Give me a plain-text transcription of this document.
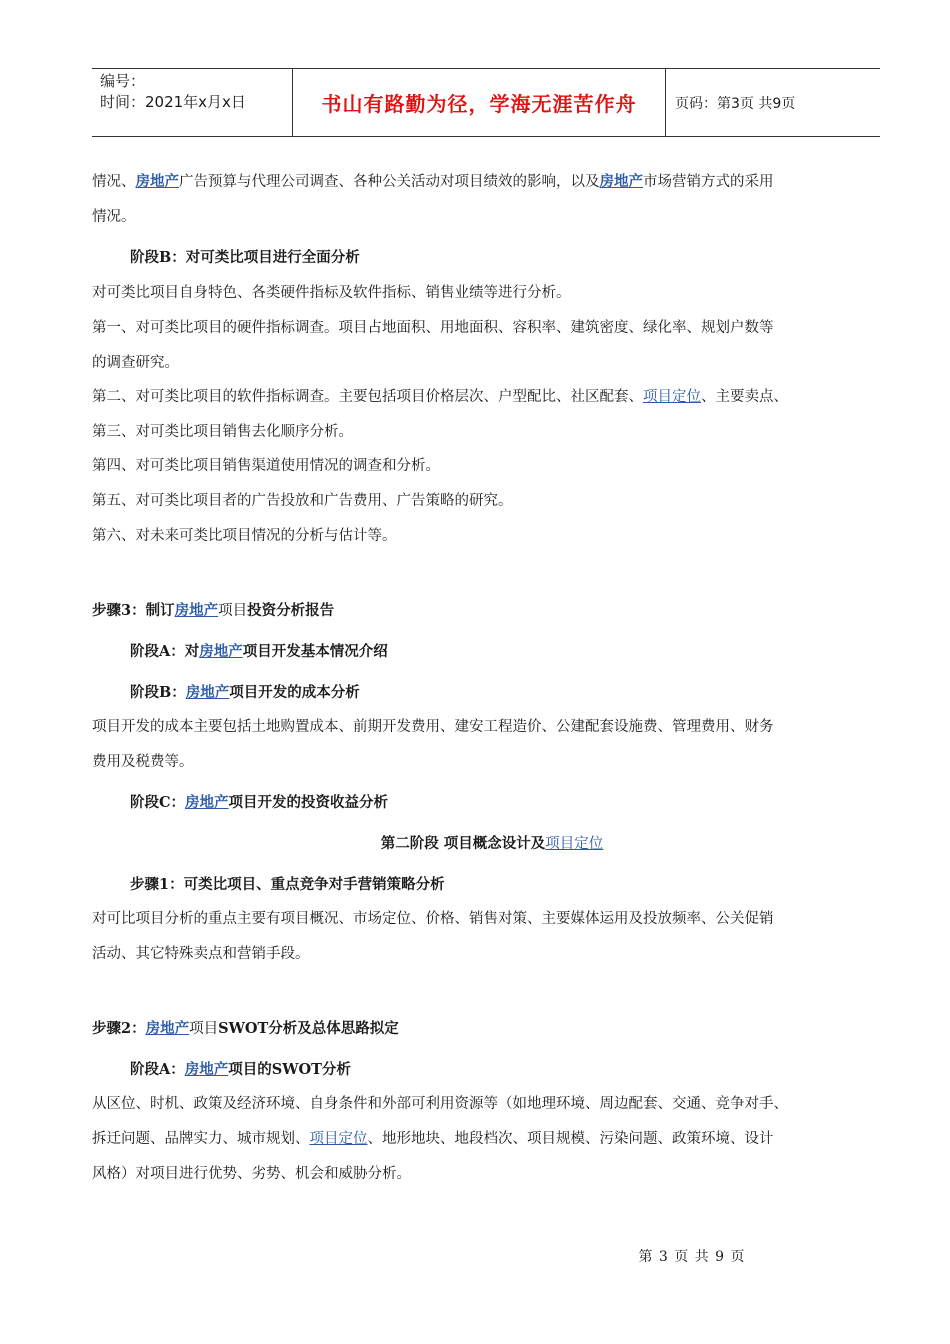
编号：
时间：2021年x月x日	书山有路勤为径，学海无涯苦作舟	页码：第3页 共9页
情况、房地产广告预算与代理公司调查、各种公关活动对项目绩效的影响，以及房地产市场营销方式的采用
情况。
阶段B：对可类比项目进行全面分析
对可类比项目自身特色、各类硬件指标及软件指标、销售业绩等进行分析。
第一、对可类比项目的硬件指标调查。项目占地面积、用地面积、容积率、建筑密度、绿化率、规划户数等
的调查研究。
第二、对可类比项目的软件指标调查。主要包括项目价格层次、户型配比、社区配套、项目定位、主要卖点、
第三、对可类比项目销售去化顺序分析。
第四、对可类比项目销售渠道使用情况的调查和分析。
第五、对可类比项目者的广告投放和广告费用、广告策略的研究。
第六、对未来可类比项目情况的分析与估计等。
步骤3：制订房地产项目投资分析报告
阶段A：对房地产项目开发基本情况介绍
阶段B：房地产项目开发的成本分析
项目开发的成本主要包括土地购置成本、前期开发费用、建安工程造价、公建配套设施费、管理费用、财务
费用及税费等。
阶段C：房地产项目开发的投资收益分析
第二阶段 项目概念设计及项目定位
步骤1：可类比项目、重点竞争对手营销策略分析
对可比项目分析的重点主要有项目概况、市场定位、价格、销售对策、主要媒体运用及投放频率、公关促销
活动、其它特殊卖点和营销手段。
步骤2：房地产项目SWOT分析及总体思路拟定
阶段A：房地产项目的SWOT分析
从区位、时机、政策及经济环境、自身条件和外部可利用资源等（如地理环境、周边配套、交通、竞争对手、
拆迁问题、品牌实力、城市规划、项目定位、地形地块、地段档次、项目规模、污染问题、政策环境、设计
风格）对项目进行优势、劣势、机会和威胁分析。
第 3 页 共 9 页
